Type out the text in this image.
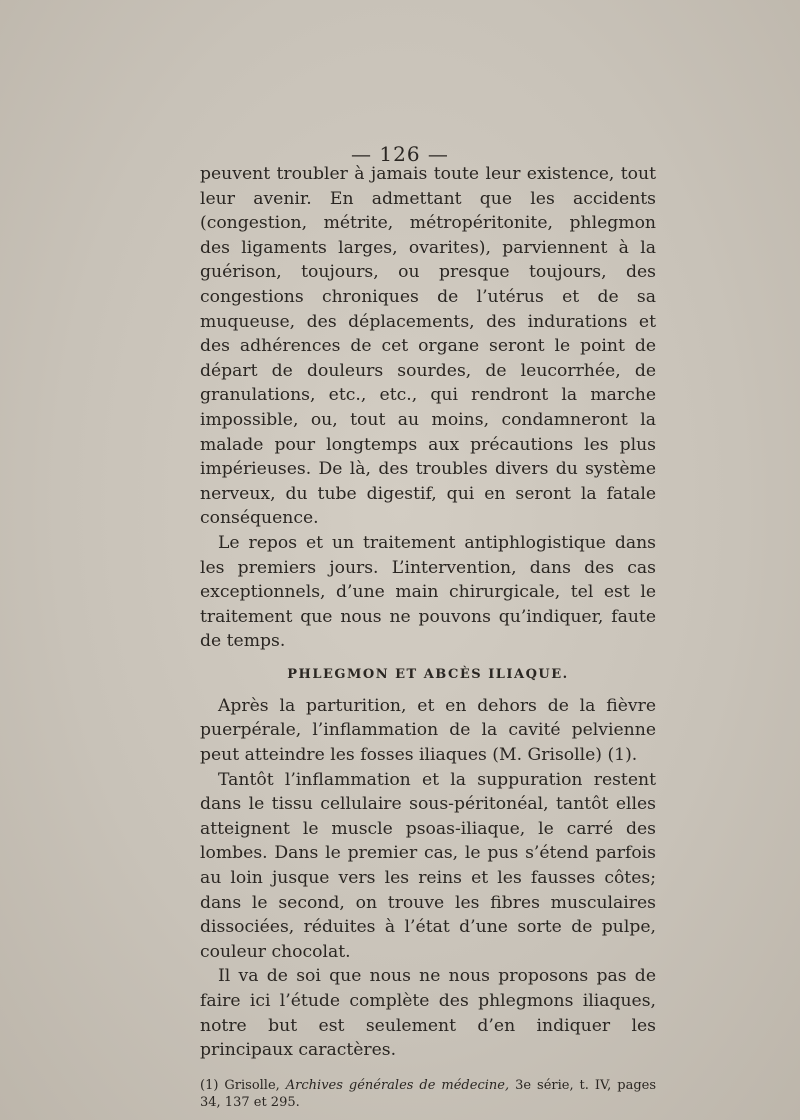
— 126 —

peuvent troubler à jamais toute leur existence, tout leur avenir. En admettant que les accidents (congestion, métrite, métropéritonite, phlegmon des ligaments larges, ovarites), parviennent à la guérison, toujours, ou presque toujours, des congestions chroniques de l’utérus et de sa muqueuse, des déplacements, des indurations et des adhérences de cet organe seront le point de départ de douleurs sourdes, de leucorrhée, de granulations, etc., etc., qui rendront la marche impossible, ou, tout au moins, condamneront la malade pour longtemps aux précautions les plus impérieuses. De là, des troubles divers du système nerveux, du tube digestif, qui en seront la fatale conséquence.

Le repos et un traitement antiphlogistique dans les premiers jours. L’intervention, dans des cas exceptionnels, d’une main chirurgicale, tel est le traitement que nous ne pouvons qu’indiquer, faute de temps.

PHLEGMON ET ABCÈS ILIAQUE.

Après la parturition, et en dehors de la fièvre puerpérale, l’inflammation de la cavité pelvienne peut atteindre les fosses iliaques (M. Grisolle) (1).

Tantôt l’inflammation et la suppuration restent dans le tissu cellulaire sous-péritonéal, tantôt elles atteignent le muscle psoas-iliaque, le carré des lombes. Dans le premier cas, le pus s’étend parfois au loin jusque vers les reins et les fausses côtes; dans le second, on trouve les fibres musculaires dissociées, réduites à l’état d’une sorte de pulpe, couleur chocolat.

Il va de soi que nous ne nous proposons pas de faire ici l’étude complète des phlegmons iliaques, notre but est seulement d’en indiquer les principaux caractères.

(1) Grisolle, Archives générales de médecine, 3e série, t. IV, pages 34, 137 et 295.
